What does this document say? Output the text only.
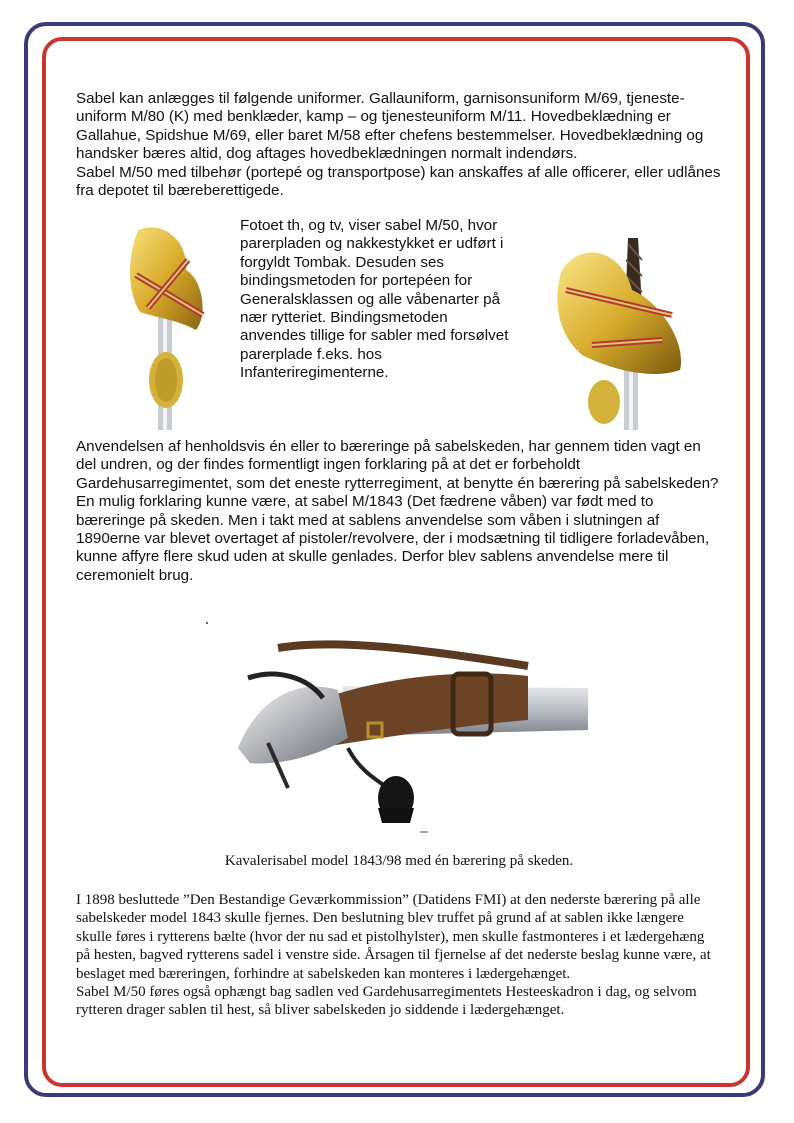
Sabel kan anlægges til følgende uniformer. Gallauniform, garnisonsuniform M/69, tjeneste-uniform M/80 (K) med benklæder, kamp – og tjenesteuniform M/11. Hovedbeklædning er Gallahue, Spidshue M/69, eller baret M/58 efter chefens bestemmelser. Hovedbeklædning og handsker bæres altid, dog aftages hovedbeklædningen normalt indendørs.

Sabel M/50 med tilbehør (portepé og transportpose) kan anskaffes af alle officerer, eller udlånes fra depotet til bæreberettigede.

Fotoet th, og tv, viser sabel M/50, hvor parerpladen og nakkestykket er udført i forgyldt Tombak. Desuden ses bindingsmetoden for portepéen for Generalsklassen og alle våbenarter på nær rytteriet. Bindingsmetoden anvendes tillige for sabler med forsølvet parerplade f.eks. hos Infanteriregimenterne.

Anvendelsen af henholdsvis én eller to bæreringe på sabelskeden, har gennem tiden vagt en del undren, og der findes formentligt ingen forklaring på at det er forbeholdt Gardehusarregimentet, som det eneste rytterregiment, at benytte én bærering på sabelskeden?

En mulig forklaring kunne være, at sabel M/1843 (Det fædrene våben) var født med to bæreringe på skeden. Men i takt med at sablens anvendelse som våben i slutningen af 1890erne var blevet overtaget af pistoler/revolvere, der i modsætning til tidligere forladevåben, kunne affyre flere skud uden at skulle genlades. Derfor blev sablens anvendelse mere til ceremonielt brug.

Kavalerisabel model 1843/98 med én bærering på skeden.

I 1898 besluttede ”Den Bestandige Geværkommission” (Datidens FMI) at den nederste bærering på alle sabelskeder model 1843 skulle fjernes. Den beslutning blev truffet på grund af at sablen ikke længere skulle føres i rytterens bælte (hvor der nu sad et pistolhylster), men skulle fastmonteres i et lædergehæng på hesten, bagved rytterens sadel i venstre side. Årsagen til fjernelse af det nederste beslag kunne være, at beslaget med bæreringen, forhindre at sabelskeden kan monteres i lædergehænget.

Sabel M/50 føres også ophængt bag sadlen ved Gardehusarregimentets Hesteeskadron i dag, og selvom rytteren drager sablen til hest, så bliver sabelskeden jo siddende i lædergehænget.
